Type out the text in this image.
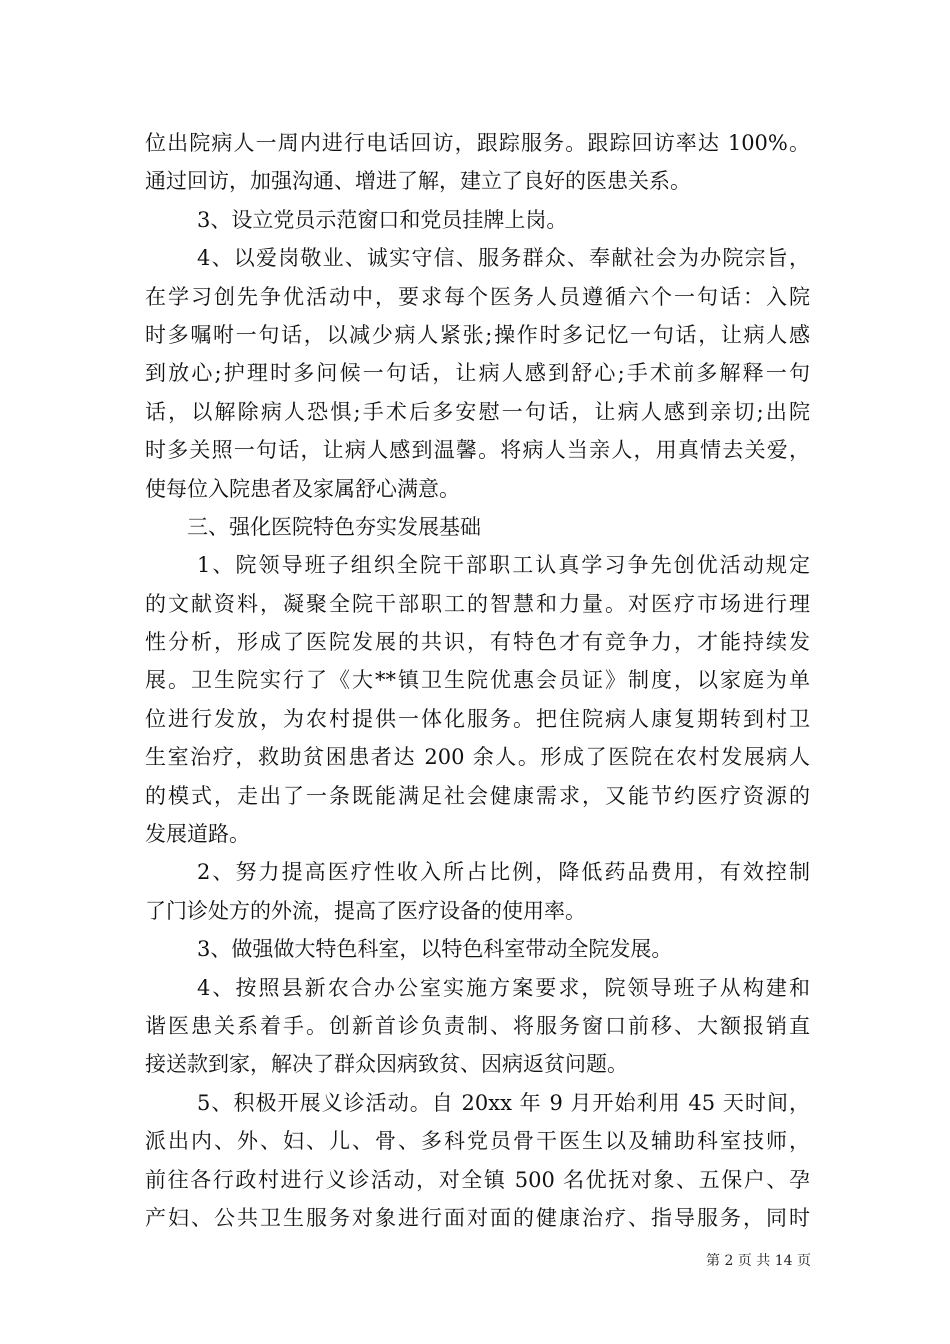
位出院病人一周内进行电话回访，跟踪服务。跟踪回访率达 100%。
通过回访，加强沟通、增进了解，建立了良好的医患关系。
3、设立党员示范窗口和党员挂牌上岗。
4、以爱岗敬业、诚实守信、服务群众、奉献社会为办院宗旨，
在学习创先争优活动中，要求每个医务人员遵循六个一句话：入院
时多嘱咐一句话，以减少病人紧张;操作时多记忆一句话，让病人感
到放心;护理时多问候一句话，让病人感到舒心;手术前多解释一句
话，以解除病人恐惧;手术后多安慰一句话，让病人感到亲切;出院
时多关照一句话，让病人感到温馨。将病人当亲人，用真情去关爱，
使每位入院患者及家属舒心满意。
三、强化医院特色夯实发展基础
1、院领导班子组织全院干部职工认真学习争先创优活动规定
的文献资料，凝聚全院干部职工的智慧和力量。对医疗市场进行理
性分析，形成了医院发展的共识，有特色才有竞争力，才能持续发
展。卫生院实行了《大**镇卫生院优惠会员证》制度，以家庭为单
位进行发放，为农村提供一体化服务。把住院病人康复期转到村卫
生室治疗，救助贫困患者达 200 余人。形成了医院在农村发展病人
的模式，走出了一条既能满足社会健康需求，又能节约医疗资源的
发展道路。
2、努力提高医疗性收入所占比例，降低药品费用，有效控制
了门诊处方的外流，提高了医疗设备的使用率。
3、做强做大特色科室，以特色科室带动全院发展。
4、按照县新农合办公室实施方案要求，院领导班子从构建和
谐医患关系着手。创新首诊负责制、将服务窗口前移、大额报销直
接送款到家，解决了群众因病致贫、因病返贫问题。
5、积极开展义诊活动。自 20xx 年 9 月开始利用 45 天时间，
派出内、外、妇、儿、骨、多科党员骨干医生以及辅助科室技师，
前往各行政村进行义诊活动，对全镇 500 名优抚对象、五保户、孕
产妇、公共卫生服务对象进行面对面的健康治疗、指导服务，同时
第 2 页 共 14 页
